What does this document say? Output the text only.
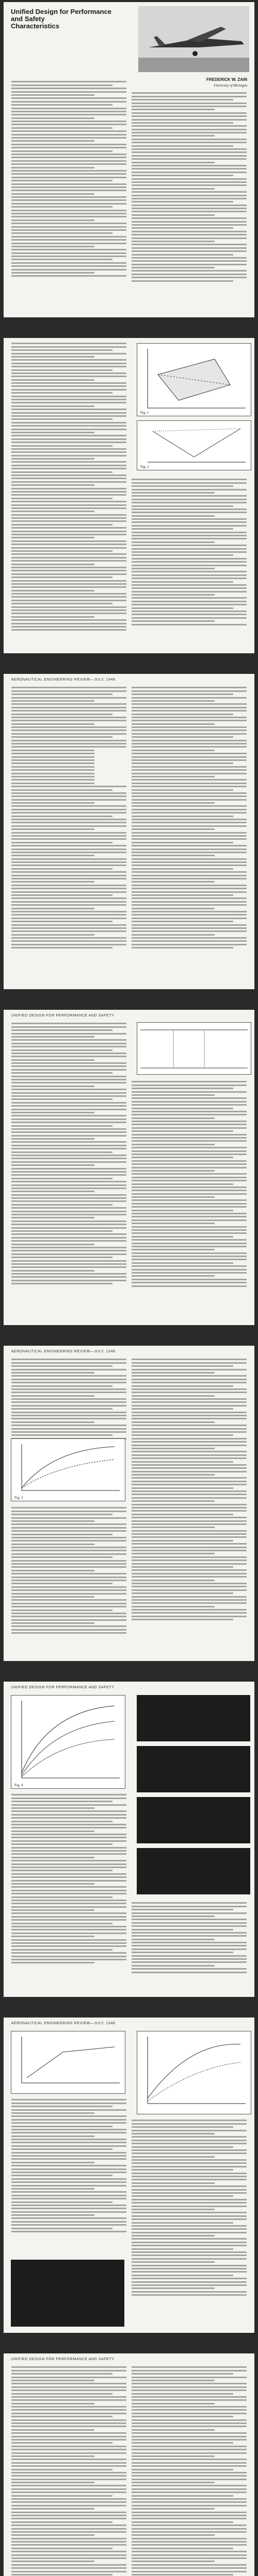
Unified Design for Performance
and Safety
Characteristics
FREDERICK W. ZAIN
University of Michigan
Fig. 1
Fig. 2
AERONAUTICAL ENGINEERING REVIEW—JULY, 1948
UNIFIED DESIGN FOR PERFORMANCE AND SAFETY
AERONAUTICAL ENGINEERING REVIEW—JULY, 1948
Fig. 3
UNIFIED DESIGN FOR PERFORMANCE AND SAFETY
Fig. 4
AERONAUTICAL ENGINEERING REVIEW—JULY, 1948
UNIFIED DESIGN FOR PERFORMANCE AND SAFETY
